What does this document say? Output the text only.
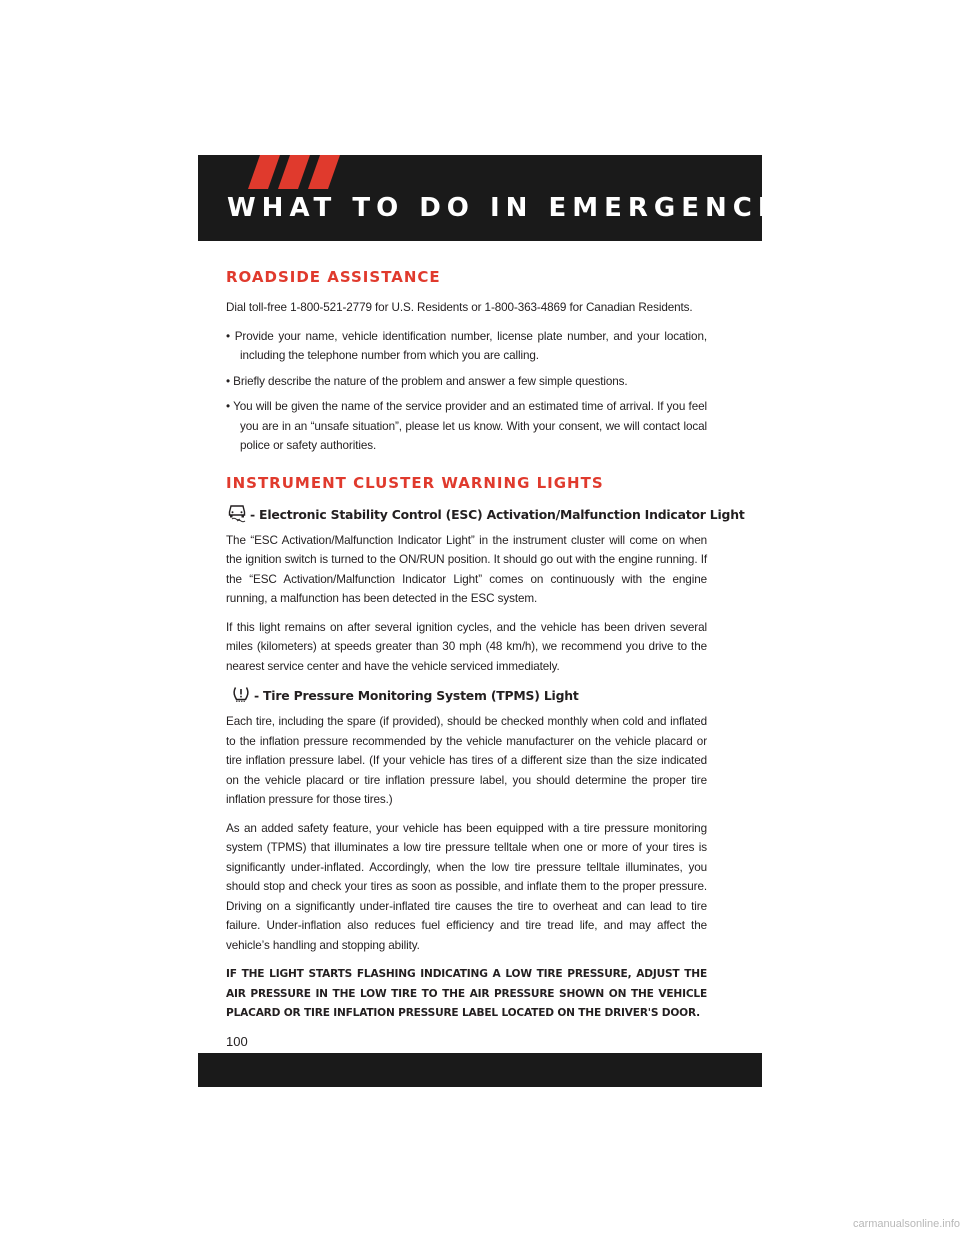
WHAT TO DO IN EMERGENCIES
ROADSIDE ASSISTANCE

Dial toll-free 1-800-521-2779 for U.S. Residents or 1-800-363-4869 for Canadian Residents.

• Provide your name, vehicle identification number, license plate number, and your location, including the telephone number from which you are calling.

• Briefly describe the nature of the problem and answer a few simple questions.

• You will be given the name of the service provider and an estimated time of arrival. If you feel you are in an “unsafe situation”, please let us know. With your consent, we will contact local police or safety authorities.

INSTRUMENT CLUSTER WARNING LIGHTS
- Electronic Stability Control (ESC) Activation/Malfunction Indicator Light

The “ESC Activation/Malfunction Indicator Light” in the instrument cluster will come on when the ignition switch is turned to the ON/RUN position. It should go out with the engine running. If the “ESC Activation/Malfunction Indicator Light” comes on continuously with the engine running, a malfunction has been detected in the ESC system.

If this light remains on after several ignition cycles, and the vehicle has been driven several miles (kilometers) at speeds greater than 30 mph (48 km/h), we recommend you drive to the nearest service center and have the vehicle serviced immediately.

- Tire Pressure Monitoring System (TPMS) Light

Each tire, including the spare (if provided), should be checked monthly when cold and inflated to the inflation pressure recommended by the vehicle manufacturer on the vehicle placard or tire inflation pressure label. (If your vehicle has tires of a different size than the size indicated on the vehicle placard or tire inflation pressure label, you should determine the proper tire inflation pressure for those tires.)

As an added safety feature, your vehicle has been equipped with a tire pressure monitoring system (TPMS) that illuminates a low tire pressure telltale when one or more of your tires is significantly under-inflated. Accordingly, when the low tire pressure telltale illuminates, you should stop and check your tires as soon as possible, and inflate them to the proper pressure. Driving on a significantly under-inflated tire causes the tire to overheat and can lead to tire failure. Under-inflation also reduces fuel efficiency and tire tread life, and may affect the vehicle’s handling and stopping ability.

IF THE LIGHT STARTS FLASHING INDICATING A LOW TIRE PRESSURE, ADJUST THE AIR PRESSURE IN THE LOW TIRE TO THE AIR PRESSURE SHOWN ON THE VEHICLE PLACARD OR TIRE INFLATION PRESSURE LABEL LOCATED ON THE DRIVER'S DOOR.

100
carmanualsonline.info
